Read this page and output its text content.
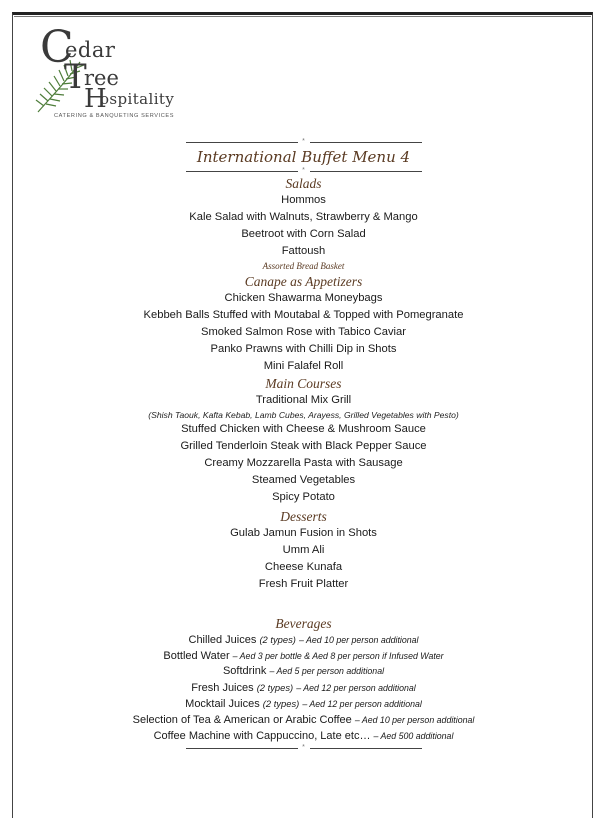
C
edar
T
ree
H
ospitality
CATERING & BANQUETING SERVICES
*
International Buffet Menu 4
*
Salads
Hommos
Kale Salad with Walnuts, Strawberry & Mango
Beetroot with Corn Salad
Fattoush
Assorted Bread Basket
Canape as Appetizers
Chicken Shawarma Moneybags
Kebbeh Balls Stuffed with Moutabal & Topped with Pomegranate
Smoked Salmon Rose with Tabico Caviar
Panko Prawns with Chilli Dip in Shots
Mini Falafel Roll
Main Courses
Traditional Mix Grill
(Shish Taouk, Kafta Kebab, Lamb Cubes, Arayess, Grilled Vegetables with Pesto)
Stuffed Chicken with Cheese & Mushroom Sauce
Grilled Tenderloin Steak with Black Pepper Sauce
Creamy Mozzarella Pasta with Sausage
Steamed Vegetables
Spicy Potato
Desserts
Gulab Jamun Fusion in Shots
Umm Ali
Cheese Kunafa
Fresh Fruit Platter
Beverages
Chilled Juices (2 types) – Aed 10 per person additional
Bottled Water – Aed 3 per bottle & Aed 8 per person if Infused Water
Softdrink – Aed 5 per person additional
Fresh Juices (2 types) – Aed 12 per person additional
Mocktail Juices (2 types) – Aed 12 per person additional
Selection of Tea & American or Arabic Coffee – Aed 10 per person additional
Coffee Machine with Cappuccino, Late etc… – Aed 500 additional
*
